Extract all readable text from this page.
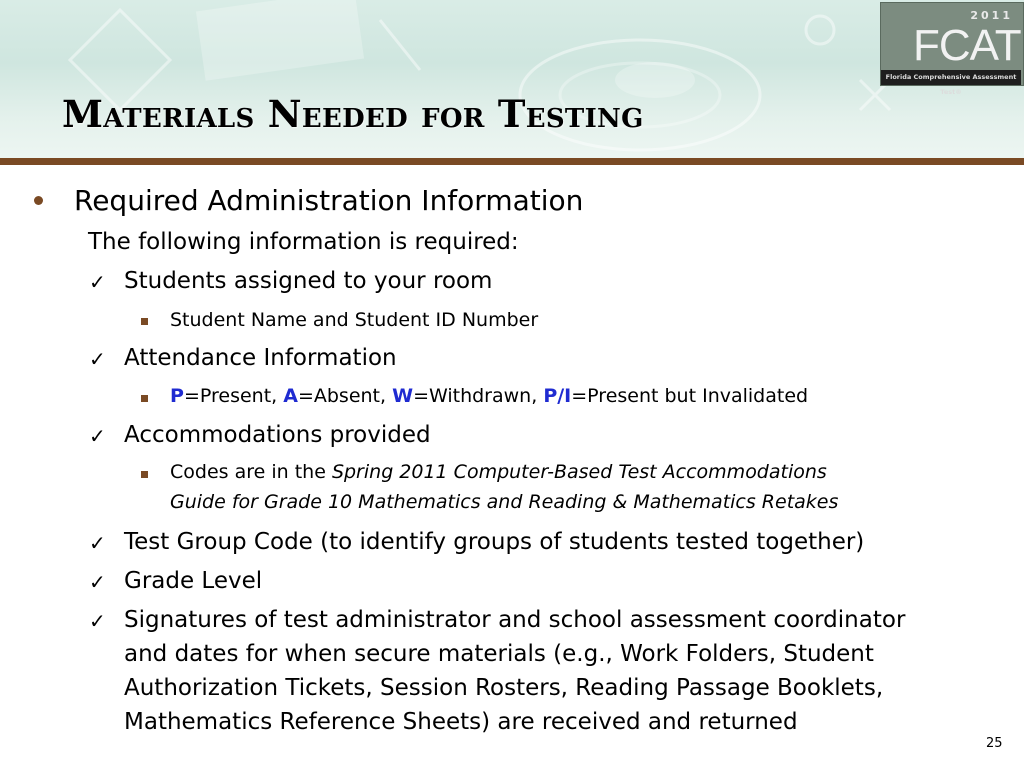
2011
FCAT
Florida Comprehensive Assessment Test®
Materials Needed for Testing
Required Administration Information
The following information is required:
✓ Students assigned to your room
Student Name and Student ID Number
✓ Attendance Information
P=Present, A=Absent, W=Withdrawn, P/I=Present but Invalidated
✓ Accommodations provided
Codes are in the Spring 2011 Computer-Based Test Accommodations
Guide for Grade 10 Mathematics and Reading & Mathematics Retakes
✓ Test Group Code (to identify groups of students tested together)
✓ Grade Level
✓ Signatures of test administrator and school assessment coordinator
and dates for when secure materials (e.g., Work Folders, Student
Authorization Tickets, Session Rosters, Reading Passage Booklets,
Mathematics Reference Sheets) are received and returned
25
